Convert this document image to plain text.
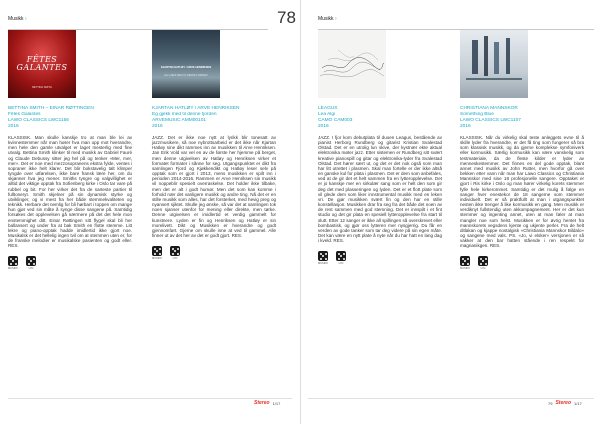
Musikk ›	78	Musikk ›
FÊTES GALANTES
BETTINA SMITH
BETTINA SMITH – EINAR RØTTINGEN
Fêtes Galantes
LAWO CLASSICS LWC1156
2016
KLASSISK. Man skulle kanskje tro at man ble lei av kvinnestemmer når man hører hva man opp mot hverandre, men hele den gamle utvalget er laget mesterlig med fine utvalg. Bettina Smith klinker til med musikk av Gabriel Fauré og Claude Debussy sitter jeg hel på og tenker «Mer, mer, mer». Det er noe med mezzosopranens ekstra fylde, ventes i sopraner ikke helt klarer. Det blir bokstavelig talt klimper tyngde over utførelsen, ikke bare fransk lære her, om du skjønner hva jeg mener. Smiths tyngre og valgvillighet er alltid det viktige opptak fra Sofienberg kirke i Oslo tar vare på rubbel og bit. For her virker det fra de sarteste partier til fulltoneryt. Smith skjelner på sin dynamisk styrke og utviklinger, og vi mest fra her både stemmekvaliteten og teknikk. Herbare det nemlig for bli hørbart i toppen om mange hun gjør ved sin måte å synge disse sangene på. Samtidig forsøkes det opplevelsen gå nærmere på det det hele mon enstemmighet ditt. Einar Røttingen sitt flygel skal bli her ballansert og under fra at bak Smith en flotte stemme. Litt lekre og piano-opptak hadde imidlertid ikke gjort noe. Musikalsk er det hellelig ingen tvil om at stemmen uten er, for de franske melodier er musikalske pasienten og godt eller. RES.
MUSIKK	LYD
KJARTAN HATLØY / ARVE HENRIKSEN
EG GJEKK MED TIL DENNE FJORDEN
KJARTAN HATLØY / ARVE HENRIKSEN
Eg gjekk med til denne fjorden
ARVEMUSIC AMM00101
2016
JAZZ. Det er ikke noe nytt at lyrikk blir tonesatt av jazzmusikere, så noe nybrottsarbeid er det ikke når Kjartan Hatløy sine dikt rammes inn av musikken til Arve Henriksen. Jan Erik Vold var vel en av de første her hjemme på berget, men denne utgivelsen av Hatløy og Henriksen virker et formatet formater i sånne for seg. Utgangspunktet er dikt fra samlingen Fjord og Kjøkkendikt og Hatløy leser selv på opptak som er gjort i 2013, mens musikken er spilt inn i perioden 2014-2016. Rammen er Arve Henriksen sin musikk vil noppeblir spesielt overraskelse. Det holder ikke tilbake, men det er alt i godt humør. Men det som kan komme i forhold nær det vanligere musikk og andre ting. Nå det er en stille musikk som alles, har det forsterket, med hevig preg og nyansert sjiktet. Skulle jeg ønske, så var det at samlingen tok noen sjanser utenfor for mening eller direkte, men tørke. Denne utgivelsen er imidlertid et verdig gammelt for kunstnere. Lyden er fin og Henriksen og Hatløy er sin morelivett. Dikt og Musikken er hverandre og godt gjennomført. Gjerne om skulle inne at ved til gammel. Alle finner ut av det her av det er godt gjort. RES.
MUSIKK	LYD
LEAGUS
Lea Algi
CAMO CAM003
2016
JAZZ. I fjor kom debutplata til duoen Leagus, bestående av pianist Herborg Rundberg og gitarist Kristian Svalestad Olstad. Det er en utrolig lun skive, der kystnær ekte aktual elektronika møter jazz. Etter sistemen er Rundberg sitt svært kreative pianospill og gitar og elektronika-lyder fra Svalestad Olstad. Det hører sært ut, og det er det nok også som man har litt utrettet i plasmen. Skal man fortelle er der ikke altså en ganske kul for plata i plasmen. Det er dem som anbefales, ved at de gir det et helt sammen fra en lytteropplevelse. Det er jo kanskje mer en sirkulær sang som er helt den som gir deg det med plasseringen og lyden. Det er et flott plate som vil glede dem som liker innstrumental musikk med en leken vri. De gjør musikken svært fin og den har en stille konstellasjon. Musikken drar fra seg fra det både det noen av de rest sammen med god stemning. Det er innspilt i et fint studio og det gir plata en spesiell lytteropplevelse fra start til slutt. Etter 12 sanger er ikke all spillingen så overskrevet eller bombastisk, og gjør oss lytteren mer nysgjerrig. Du får en verden av gode tanker som tar deg videre på sin egen måte. Det kan være en nytt plate å nyte når du har hatt en lang dag i kveld. RES.
MUSIKK	LYD
CHRISTIANA MANNSKOR
Something Blue
LAWO CLASSICS LWC1107
2016
KLASSISK. Når du virkelig skal teste anleggets evne til å skille lyder fra hverandre, er det få ting som fungerer så bra som klassisk musikk, og da gjerne komplekse symfoniverk eller kormusikk. Særlig kormusikk kan være vanskelig som testmateriale, da de fleste kilder er lyder av menneskestemmer. Det finnes en del gode opptak, blant annet med musikk av John Rutter, men hvorfor gå over bekken etter vann når man har Lawo Classics og Christiania Mannskor med sine 18 profesjonelle sangere. Opptaket er gjort i Ris kirke i Oslo og man hører virkelig korets stemmer fylle hele kirkerommet. Samtidig er det mulig å følge en sanger hver enestekor de 18 sangerne som stemmer individuelt. Det er så praktfullt at man i utgangspunktet nesten ikke trenger å like kormusikk en gang. Men musikk er verdiknyt fullstendig uten akkompagnement. Her er det kun stemmer og ingenting annet, uten at man føler at man mangler noe som helst. Musikken er for øvrig hentet fra mannskorets vegsdens kjente og ukjente perler. Fra de helt ditlakan og kjappe nostalgisk «Christiania Mannskor Bildalo» og sangene med vals. PS. «Jo, vi elsker» versjonen er så vakker at den bar hatten stående i ren respekt for magnanikgen. RES.
MUSIKK	LYD
Stereo 1/17	79 Stereo 1/17
